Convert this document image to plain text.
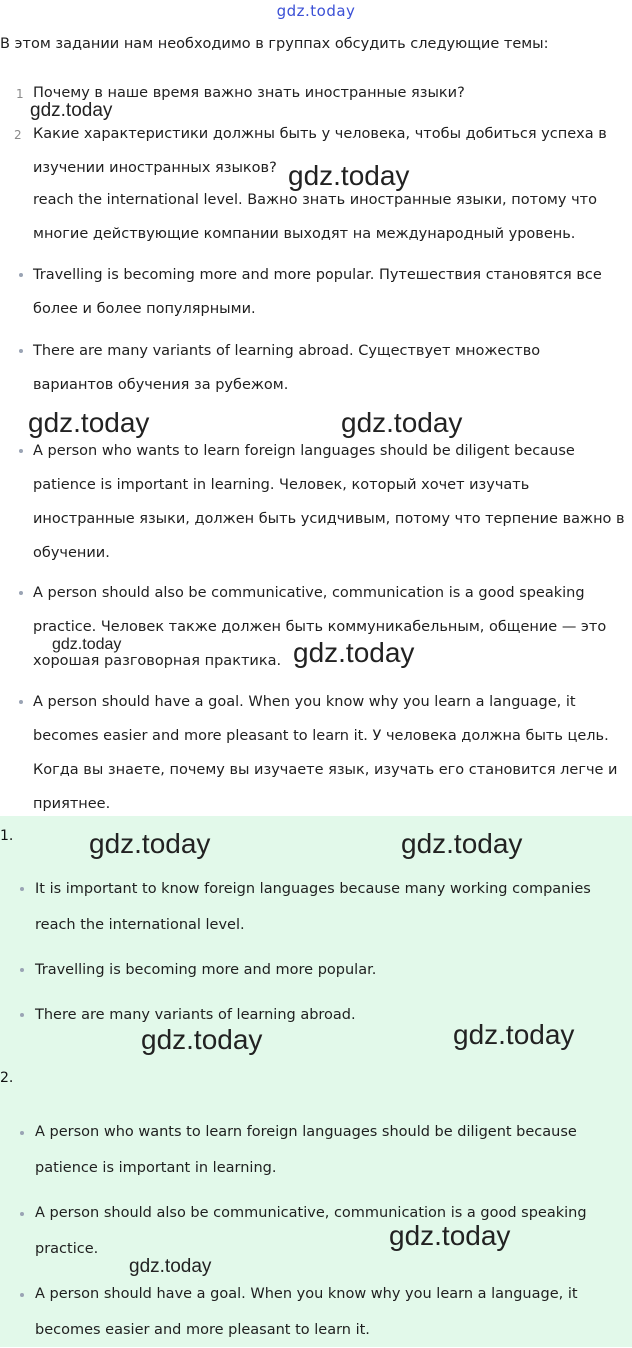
gdz.today
В этом задании нам необходимо в группах обсудить следующие темы:
1 Почему в наше время важно знать иностранные языки?
2 Какие характеристики должны быть у человека, чтобы добиться успеха в изучении иностранных языков?
reach the international level. Важно знать иностранные языки, потому что многие действующие компании выходят на международный уровень.
Travelling is becoming more and more popular. Путешествия становятся все более и более популярными.
There are many variants of learning abroad. Существует множество вариантов обучения за рубежом.
A person who wants to learn foreign languages should be diligent because patience is important in learning. Человек, который хочет изучать иностранные языки, должен быть усидчивым, потому что терпение важно в обучении.
A person should also be communicative, communication is a good speaking practice. Человек также должен быть коммуникабельным, общение — это хорошая разговорная практика.
A person should have a goal. When you know why you learn a language, it becomes easier and more pleasant to learn it. У человека должна быть цель. Когда вы знаете, почему вы изучаете язык, изучать его становится легче и приятнее.
1.
It is important to know foreign languages because many working companies reach the international level.
Travelling is becoming more and more popular.
There are many variants of learning abroad.
2.
A person who wants to learn foreign languages should be diligent because patience is important in learning.
A person should also be communicative, communication is a good speaking practice.
A person should have a goal. When you know why you learn a language, it becomes easier and more pleasant to learn it.
gdz.today
gdz.today
gdz.today	gdz.today
gdz.today	gdz.today
gdz.today	gdz.today
gdz.today	gdz.today
gdz.today
gdz.today
